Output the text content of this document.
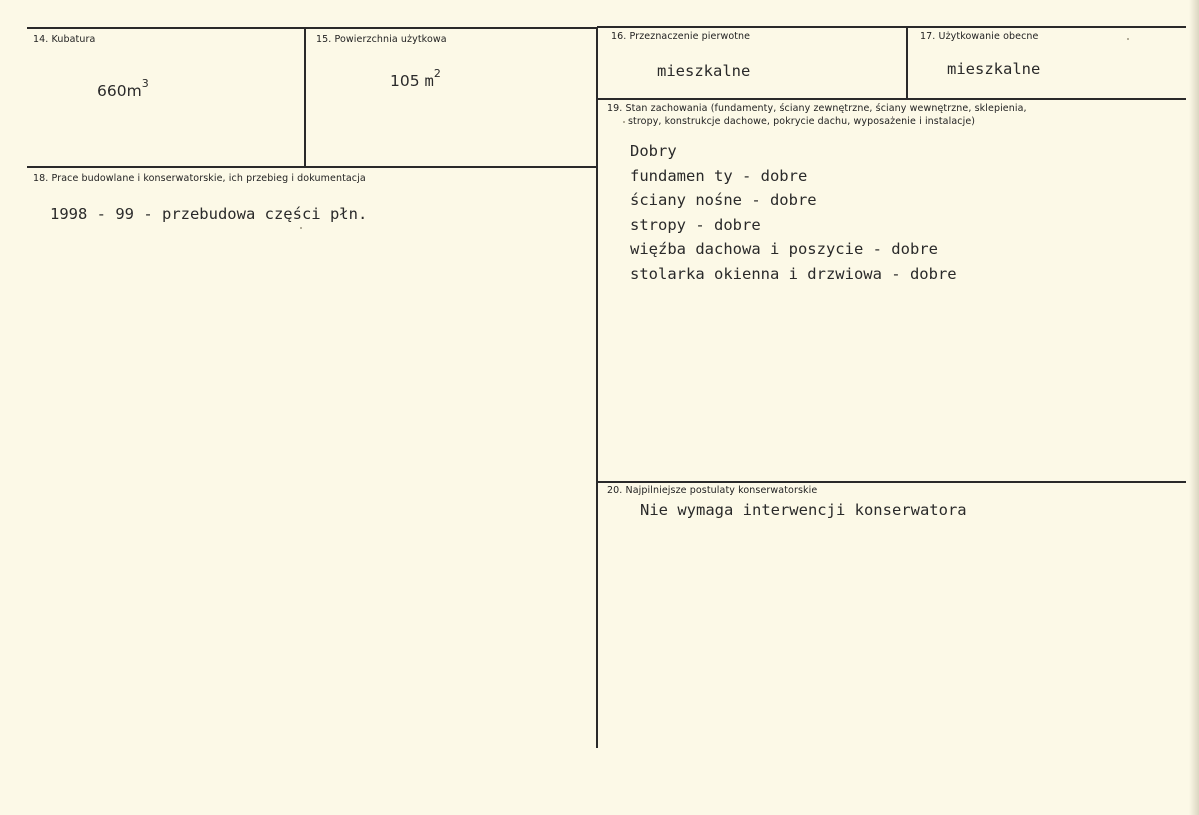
14. Kubatura
$660m^3$
15. Powierzchnia użytkowa
105 $m^2$
16. Przeznaczenie pierwotne
mieszkalne
17. Użytkowanie obecne
mieszkalne
18. Prace budowlane i konserwatorskie, ich przebieg i dokumentacja
1998 - 99 - przebudowa części płn.
19. Stan zachowania (fundamenty, ściany zewnętrzne, ściany wewnętrzne, sklepienia,
stropy, konstrukcje dachowe, pokrycie dachu, wyposażenie i instalacje)
Dobry
fundamen ty - dobre
ściany nośne - dobre
stropy - dobre
więźba dachowa i poszycie - dobre
stolarka okienna i drzwiowa - dobre
20. Najpilniejsze postulaty konserwatorskie
Nie wymaga interwencji konserwatora
